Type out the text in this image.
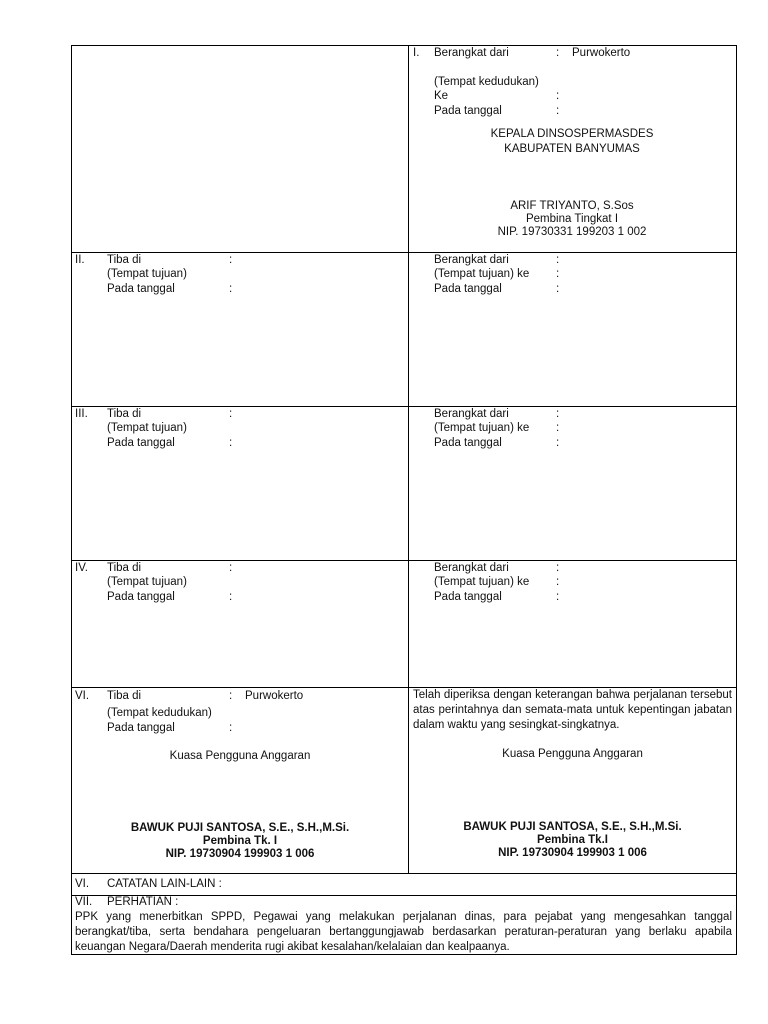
I. Berangkat dari	: Purwokerto
(Tempat kedudukan)
Ke	:
Pada tanggal	:
KEPALA DINSOSPERMASDES
KABUPATEN BANYUMAS
ARIF TRIYANTO, S.Sos
Pembina Tingkat I
NIP. 19730331 199203 1 002
II. Tiba di	:
(Tempat tujuan)
Pada tanggal	:
Berangkat dari	:
(Tempat tujuan) ke :
Pada tanggal	:
III. Tiba di	:
(Tempat tujuan)
Pada tanggal	:
Berangkat dari	:
(Tempat tujuan) ke :
Pada tanggal	:
IV. Tiba di	:
(Tempat tujuan)
Pada tanggal	:
Berangkat dari	:
(Tempat tujuan) ke :
Pada tanggal	:
VI. Tiba di	: Purwokerto
(Tempat kedudukan)
Pada tanggal	:
Kuasa Pengguna Anggaran
BAWUK PUJI SANTOSA, S.E., S.H.,M.Si.
Pembina Tk. I
NIP. 19730904 199903 1 006
Telah diperiksa dengan keterangan bahwa perjalanan tersebut atas perintahnya dan semata-mata untuk kepentingan jabatan dalam waktu yang sesingkat-singkatnya.
Kuasa Pengguna Anggaran
BAWUK PUJI SANTOSA, S.E., S.H.,M.Si.
Pembina Tk.I
NIP. 19730904 199903 1 006
VI. CATATAN LAIN-LAIN :
VII. PERHATIAN :
PPK yang menerbitkan SPPD, Pegawai yang melakukan perjalanan dinas, para pejabat yang mengesahkan tanggal berangkat/tiba, serta bendahara pengeluaran bertanggungjawab berdasarkan peraturan-peraturan yang berlaku apabila keuangan Negara/Daerah menderita rugi akibat kesalahan/kelalaian dan kealpaanya.
